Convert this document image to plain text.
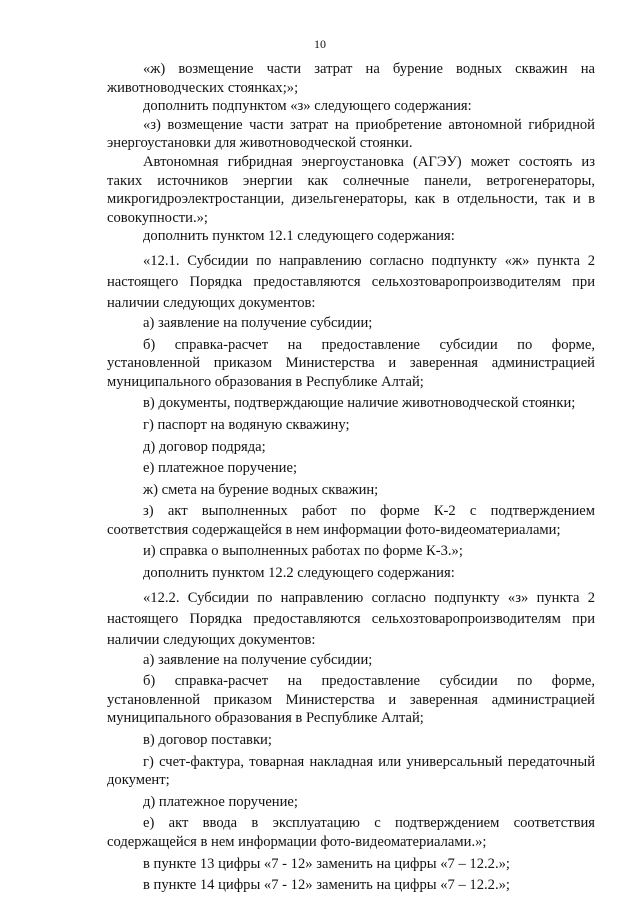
10

«ж) возмещение части затрат на бурение водных скважин на животноводческих стоянках;»;

дополнить подпунктом «з» следующего содержания:

«з) возмещение части затрат на приобретение автономной гибридной энергоустановки для животноводческой стоянки.

Автономная гибридная энергоустановка (АГЭУ) может состоять из таких источников энергии как солнечные панели, ветрогенераторы, микрогидроэлектростанции, дизельгенераторы, как в отдельности, так и в совокупности.»;

дополнить пунктом 12.1 следующего содержания:

«12.1. Субсидии по направлению согласно подпункту «ж» пункта 2 настоящего Порядка предоставляются сельхозтоваропроизводителям при наличии следующих документов:

а) заявление на получение субсидии;

б) справка-расчет на предоставление субсидии по форме, установленной приказом Министерства и заверенная администрацией муниципального образования в Республике Алтай;

в) документы, подтверждающие наличие животноводческой стоянки;

г) паспорт на водяную скважину;

д) договор подряда;

е) платежное поручение;

ж) смета на бурение водных скважин;

з) акт выполненных работ по форме К-2 с подтверждением соответствия содержащейся в нем информации фото-видеоматериалами;

и) справка о выполненных работах по форме К-3.»;

дополнить пунктом 12.2 следующего содержания:

«12.2. Субсидии по направлению согласно подпункту «з» пункта 2 настоящего Порядка предоставляются сельхозтоваропроизводителям при наличии следующих документов:

а) заявление на получение субсидии;

б) справка-расчет на предоставление субсидии по форме, установленной приказом Министерства и заверенная администрацией муниципального образования в Республике Алтай;

в) договор поставки;

г) счет-фактура, товарная накладная или универсальный передаточный документ;

д) платежное поручение;

е) акт ввода в эксплуатацию с подтверждением соответствия содержащейся в нем информации фото-видеоматериалами.»;

в пункте 13 цифры «7 - 12» заменить на цифры «7 – 12.2.»;

в пункте 14 цифры «7 - 12» заменить на цифры «7 – 12.2.»;
